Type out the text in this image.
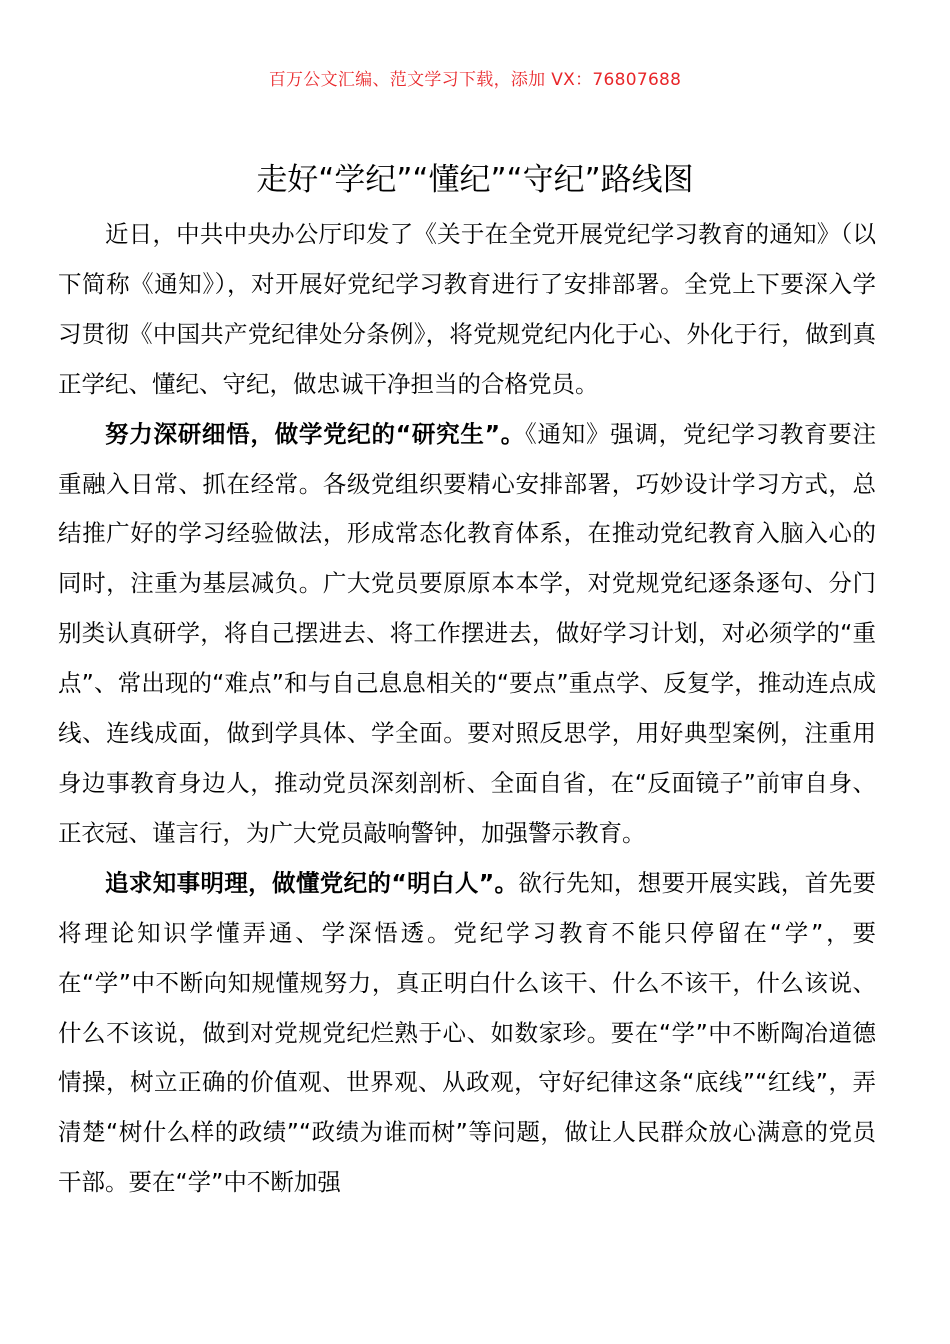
百万公文汇编、范文学习下载，添加 VX：76807688
走好“学纪”“懂纪”“守纪”路线图

近日，中共中央办公厅印发了《关于在全党开展党纪学习教育的通知》（以下简称《通知》），对开展好党纪学习教育进行了安排部署。全党上下要深入学习贯彻《中国共产党纪律处分条例》，将党规党纪内化于心、外化于行，做到真正学纪、懂纪、守纪，做忠诚干净担当的合格党员。

努力深研细悟，做学党纪的“研究生”。《通知》强调，党纪学习教育要注重融入日常、抓在经常。各级党组织要精心安排部署，巧妙设计学习方式，总结推广好的学习经验做法，形成常态化教育体系，在推动党纪教育入脑入心的同时，注重为基层减负。广大党员要原原本本学，对党规党纪逐条逐句、分门别类认真研学，将自己摆进去、将工作摆进去，做好学习计划，对必须学的“重点”、常出现的“难点”和与自己息息相关的“要点”重点学、反复学，推动连点成线、连线成面，做到学具体、学全面。要对照反思学，用好典型案例，注重用身边事教育身边人，推动党员深刻剖析、全面自省，在“反面镜子”前审自身、正衣冠、谨言行，为广大党员敲响警钟，加强警示教育。

追求知事明理，做懂党纪的“明白人”。欲行先知，想要开展实践，首先要将理论知识学懂弄通、学深悟透。党纪学习教育不能只停留在“学”，要在“学”中不断向知规懂规努力，真正明白什么该干、什么不该干，什么该说、什么不该说，做到对党规党纪烂熟于心、如数家珍。要在“学”中不断陶冶道德情操，树立正确的价值观、世界观、从政观，守好纪律这条“底线”“红线”，弄清楚“树什么样的政绩”“政绩为谁而树”等问题，做让人民群众放心满意的党员干部。要在“学”中不断加强
